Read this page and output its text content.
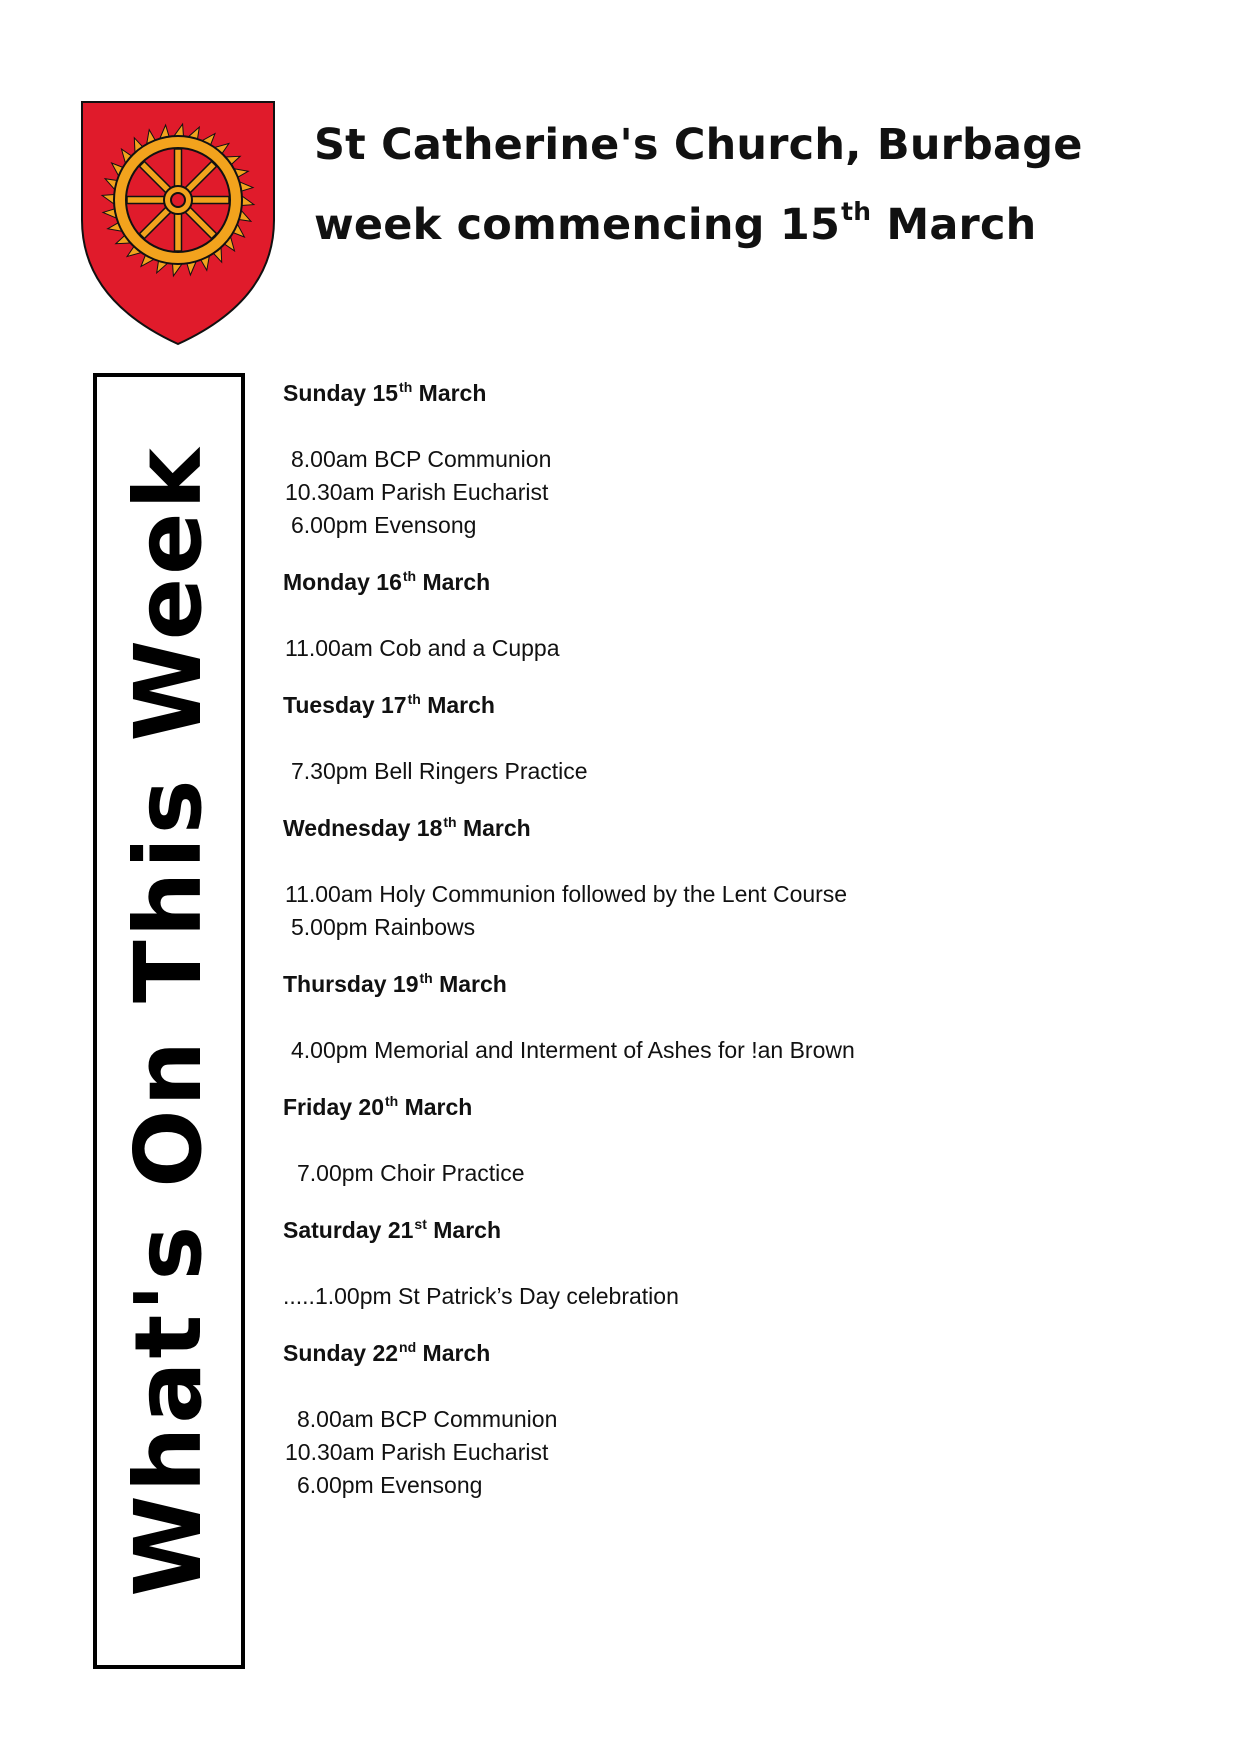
St Catherine's Church, Burbage
week commencing 15th March
What's On This Week
Sunday 15th March
8.00am BCP Communion
10.30am Parish Eucharist
6.00pm Evensong
Monday 16th March
11.00am Cob and a Cuppa
Tuesday 17th March
7.30pm Bell Ringers Practice
Wednesday 18th March
11.00am Holy Communion followed by the Lent Course
5.00pm Rainbows
Thursday 19th March
4.00pm Memorial and Interment of Ashes for !an Brown
Friday 20th March
7.00pm Choir Practice
Saturday 21st March
.....1.00pm St Patrick’s Day celebration
Sunday 22nd March
8.00am BCP Communion
10.30am Parish Eucharist
6.00pm Evensong
